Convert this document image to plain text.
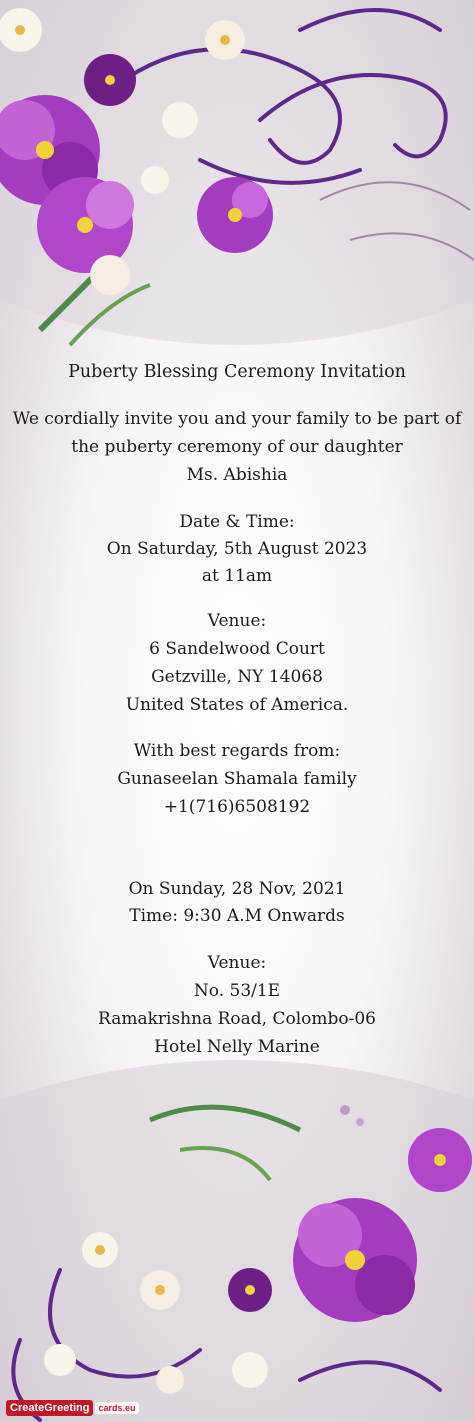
Puberty Blessing Ceremony Invitation
We cordially invite you and your family to be part of
the puberty ceremony of our daughter
Ms. Abishia
Date & Time:
On Saturday, 5th August 2023
at 11am
Venue:
6 Sandelwood Court
Getzville, NY 14068
United States of America.
With best regards from:
Gunaseelan Shamala family
+1(716)6508192
On Sunday, 28 Nov, 2021
Time: 9:30 A.M Onwards
Venue:
No. 53/1E
Ramakrishna Road, Colombo-06
Hotel Nelly Marine
CreateGreeting	cards.eu
